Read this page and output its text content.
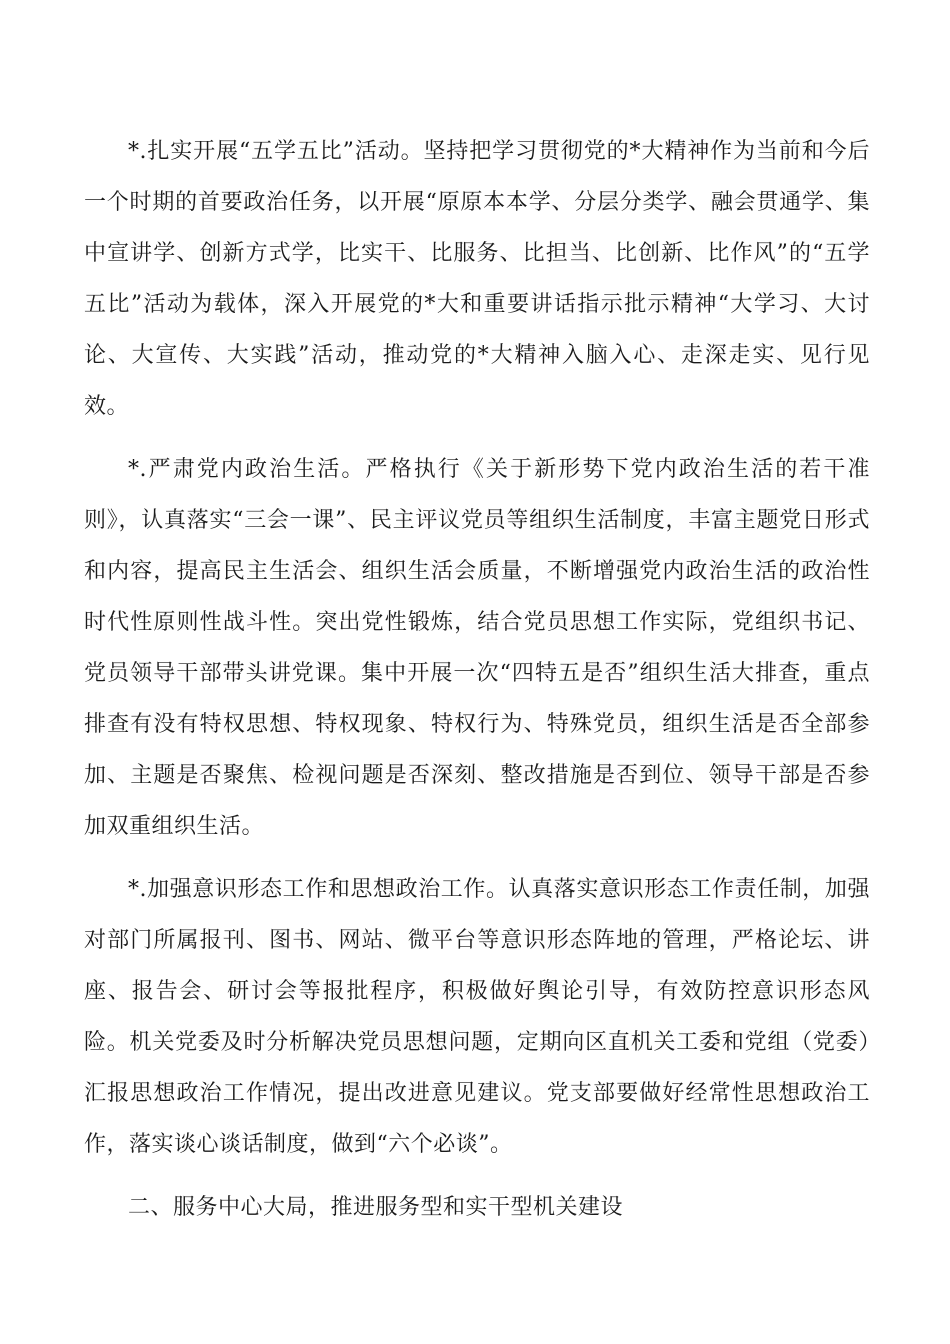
*.扎实开展“五学五比”活动。坚持把学习贯彻党的*大精神作为当前和今后一个时期的首要政治任务，以开展“原原本本学、分层分类学、融会贯通学、集中宣讲学、创新方式学，比实干、比服务、比担当、比创新、比作风”的“五学五比”活动为载体，深入开展党的*大和重要讲话指示批示精神“大学习、大讨论、大宣传、大实践”活动，推动党的*大精神入脑入心、走深走实、见行见效。

*.严肃党内政治生活。严格执行《关于新形势下党内政治生活的若干准则》，认真落实“三会一课”、民主评议党员等组织生活制度，丰富主题党日形式和内容，提高民主生活会、组织生活会质量，不断增强党内政治生活的政治性时代性原则性战斗性。突出党性锻炼，结合党员思想工作实际，党组织书记、党员领导干部带头讲党课。集中开展一次“四特五是否”组织生活大排查，重点排查有没有特权思想、特权现象、特权行为、特殊党员，组织生活是否全部参加、主题是否聚焦、检视问题是否深刻、整改措施是否到位、领导干部是否参加双重组织生活。

*.加强意识形态工作和思想政治工作。认真落实意识形态工作责任制，加强对部门所属报刊、图书、网站、微平台等意识形态阵地的管理，严格论坛、讲座、报告会、研讨会等报批程序，积极做好舆论引导，有效防控意识形态风险。机关党委及时分析解决党员思想问题，定期向区直机关工委和党组（党委）汇报思想政治工作情况，提出改进意见建议。党支部要做好经常性思想政治工作，落实谈心谈话制度，做到“六个必谈”。

二、服务中心大局，推进服务型和实干型机关建设
